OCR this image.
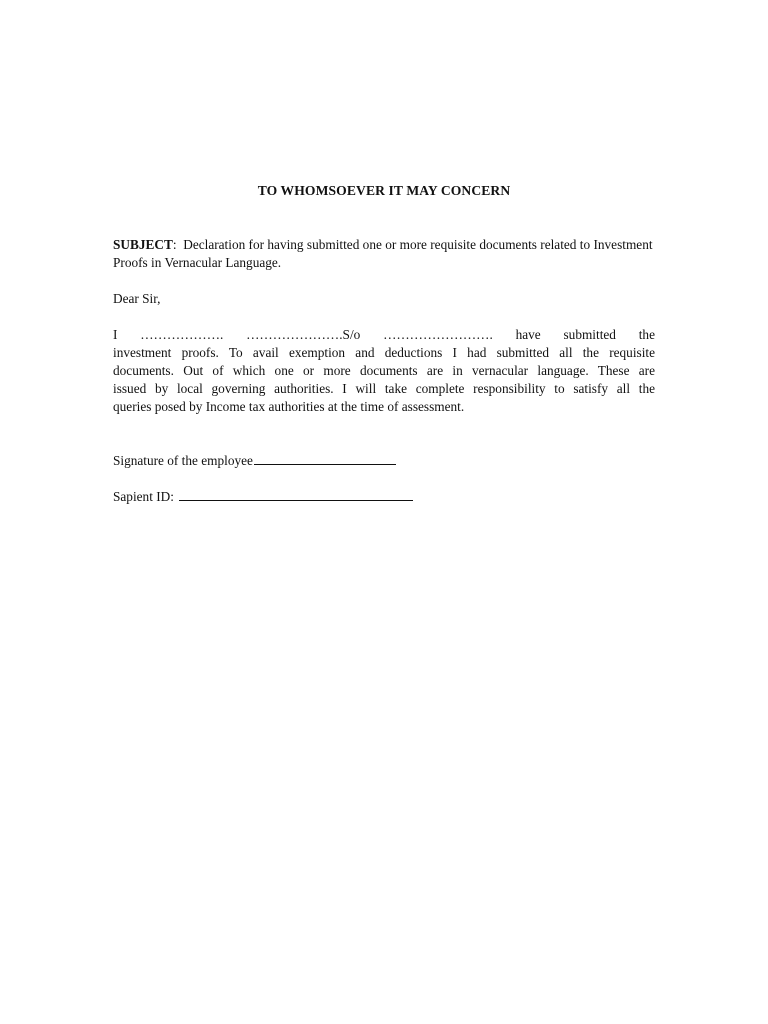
TO WHOMSOEVER IT MAY CONCERN
SUBJECT: Declaration for having submitted one or more requisite documents related to Investment Proofs in Vernacular Language.
Dear Sir,
I ………………. ………………….S/o ……………………. have submitted the
investment proofs. To avail exemption and deductions I had submitted all the requisite
documents. Out of which one or more documents are in vernacular language. These are
issued by local governing authorities. I will take complete responsibility to satisfy all the
queries posed by Income tax authorities at the time of assessment.
Signature of the employee
Sapient ID:
